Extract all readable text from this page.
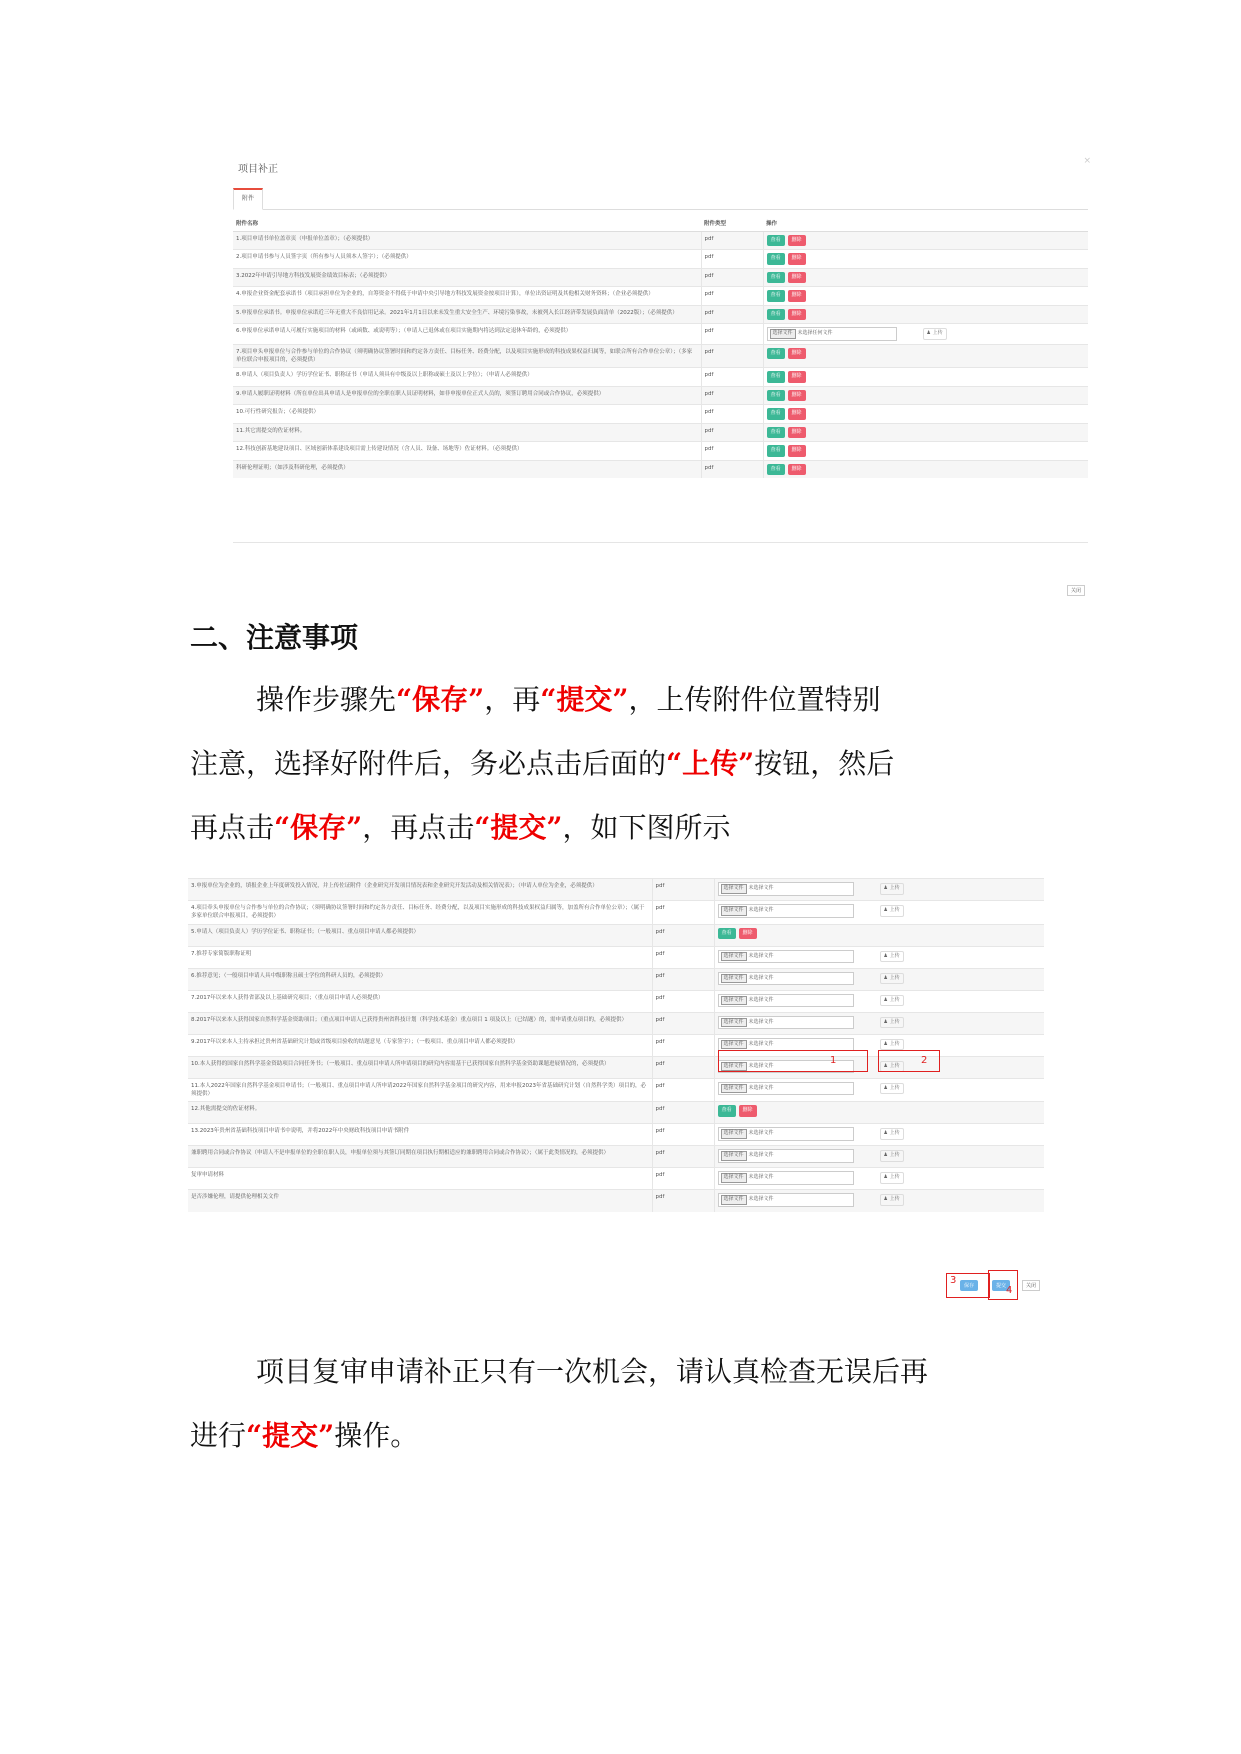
项目补正
×
附件
附件名称	附件类型	操作
1.项目申请书单位盖章页（申报单位盖章）；（必须提供）	pdf	查看 删除
2.项目申请书参与人员签字页（所有参与人员须本人签字）；（必须提供）	pdf	查看 删除
3.2022年申请引导地方科技发展资金绩效目标表；（必须提供）	pdf	查看 删除
4.申报企业资金配套承诺书（项目承担单位为企业的，自筹资金不得低于申请中央引导地方科技发展资金按项目计算），单位出资证明及其他相关财务资料；（企业必须提供）	pdf	查看 删除
5.申报单位承诺书。申报单位承诺近三年无重大不良信用记录。2021年1月1日以来未发生重大安全生产、环境污染事故，未被列入长江经济带发展负面清单（2022版）；（必须提供）	pdf	查看 删除
6.申报单位承诺申请人可履行实施项目的材料（或函数、或说明等）；（申请人已退休或在项目实施期内将达到法定退休年龄的，必须提供）	pdf	选择文件 未选择任何文件 ♟ 上传
7.项目申头申报单位与合作参与单位的合作协议（须明确协议签署时间和约定各方责任、目标任务、经费分配，以及项目实施形成的科技成果权益归属等，如联合所有合作单位公章）；（多家单位联合申报项目的，必须提供）	pdf	查看 删除
8.申请人（项目负责人）学历学位证书、职称证书（申请人须具有中级及以上职称或硕士及以上学位）；（申请人必须提供）	pdf	查看 删除
9.申请人履职证明材料（所在单位出具申请人是申报单位的全职在职人员证明材料，如非申报单位正式人员的，须签订聘用合同或合作协议，必须提供）	pdf	查看 删除
10.可行性研究报告；（必须提供）	pdf	查看 删除
11.其它需提交的佐证材料。	pdf	查看 删除
12.科技创新基地建设项目、区域创新体系建设项目需上传建设情况（含人员、设备、场地等）佐证材料。（必须提供）	pdf	查看 删除
科研伦理证明；（如涉及科研伦理，必须提供）	pdf	查看 删除
关闭
二、注意事项
操作步骤先“保存”，再“提交”，上传附件位置特别
注意，选择好附件后，务必点击后面的“上传”按钮，然后
再点击“保存”，再点击“提交”，如下图所示
3.申报单位为企业的，填报企业上年度研发投入情况，并上传佐证附件（企业研究开发项目情况表和企业研究开发活动及相关情况表）；（申请人单位为企业，必须提供）	pdf	选择文件 未选择文件 ♟ 上传
4.项目牵头申报单位与合作参与单位的合作协议；（须明确协议签署时间和约定各方责任、目标任务、经费分配，以及项目实施形成的科技成果权益归属等，加盖所有合作单位公章）；（属于多家单位联合申报项目，必须提供）	pdf	选择文件 未选择文件 ♟ 上传
5.申请人（项目负责人）学历学位证书、职称证书；（一般项目、重点项目申请人都必须提供）	pdf	查看 删除
7.推荐专家简版职称证明	pdf	选择文件 未选择文件 ♟ 上传
6.推荐意见；（一般项目申请人具中级职称且硕士学位的科研人员的，必须提供）	pdf	选择文件 未选择文件 ♟ 上传
7.2017年以来本人获得省部及以上基础研究项目；（重点项目申请人必须提供）	pdf	选择文件 未选择文件 ♟ 上传
8.2017年以来本人获得国家自然科学基金资助项目；（重点项目申请人已获得贵州省科技计划（科学技术基金）重点项目 1 项及以上（已结题）的，需申请重点项目的，必须提供）	pdf	选择文件 未选择文件 ♟ 上传
9.2017年以来本人主持承担过贵州省基础研究计划或省级项目验收的结题意见（专家签字）；（一般项目、重点项目申请人都必须提供）	pdf	选择文件 未选择文件 ♟ 上传
10.本人获得的国家自然科学基金资助项目合同任务书；（一般项目、重点项目申请人所申请项目的研究内容需基于已获得国家自然科学基金资助课题进展情况的，必须提供）	pdf	选择文件 未选择文件 ♟ 上传
11.本人2022年国家自然科学基金项目申请书；（一般项目、重点项目申请人所申请2022年国家自然科学基金项目的研究内容，用来申报2023年省基础研究计划（自然科学类）项目的，必须提供）	pdf	选择文件 未选择文件 ♟ 上传
12.其他需提交的佐证材料。	pdf	查看 删除
13.2023年贵州省基础科技项目申请书中说明，并将2022年中央财政科技项目申请书附件	pdf	选择文件 未选择文件 ♟ 上传
兼职聘用合同或合作协议（申请人不是申报单位的全职在职人员，申报单位须与其签订同期在项目执行期相适应的兼职聘用合同或合作协议）；（属于此类情况的，必须提供）	pdf	选择文件 未选择文件 ♟ 上传
复审申请材料	pdf	选择文件 未选择文件 ♟ 上传
是否涉嫌伦理，请提供伦理相关文件	pdf	选择文件 未选择文件 ♟ 上传
1	2
3	保存	提交 4	关闭
项目复审申请补正只有一次机会，请认真检查无误后再
进行“提交”操作。
